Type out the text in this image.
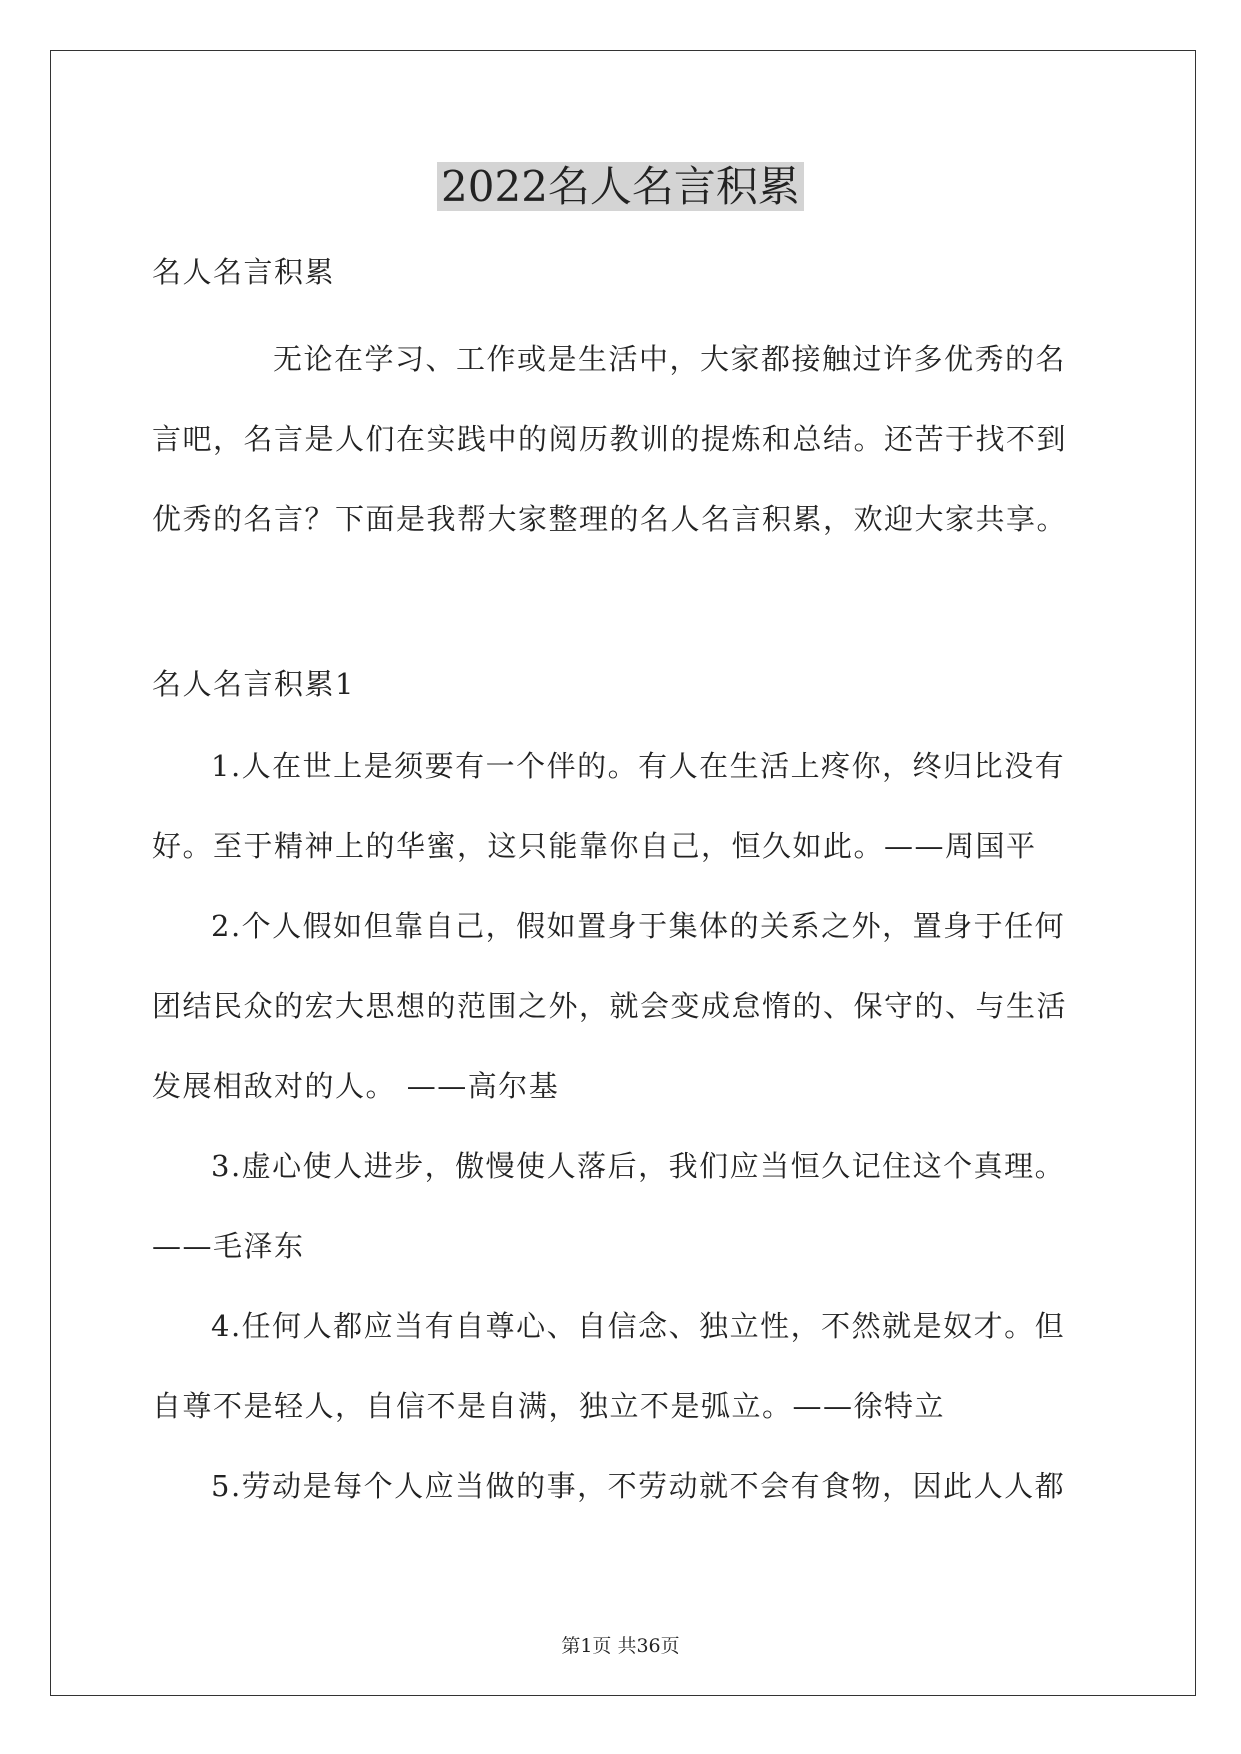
2022名人名言积累
名人名言积累
无论在学习、工作或是生活中，大家都接触过许多优秀的名
言吧，名言是人们在实践中的阅历教训的提炼和总结。还苦于找不到
优秀的名言？下面是我帮大家整理的名人名言积累，欢迎大家共享。
名人名言积累1
1.人在世上是须要有一个伴的。有人在生活上疼你，终归比没有
好。至于精神上的华蜜，这只能靠你自己，恒久如此。——周国平
2.个人假如但靠自己，假如置身于集体的关系之外，置身于任何
团结民众的宏大思想的范围之外，就会变成怠惰的、保守的、与生活
发展相敌对的人。 ——高尔基
3.虚心使人进步，傲慢使人落后，我们应当恒久记住这个真理。
——毛泽东
4.任何人都应当有自尊心、自信念、独立性，不然就是奴才。但
自尊不是轻人，自信不是自满，独立不是弧立。——徐特立
5.劳动是每个人应当做的事，不劳动就不会有食物，因此人人都
第1页 共36页
